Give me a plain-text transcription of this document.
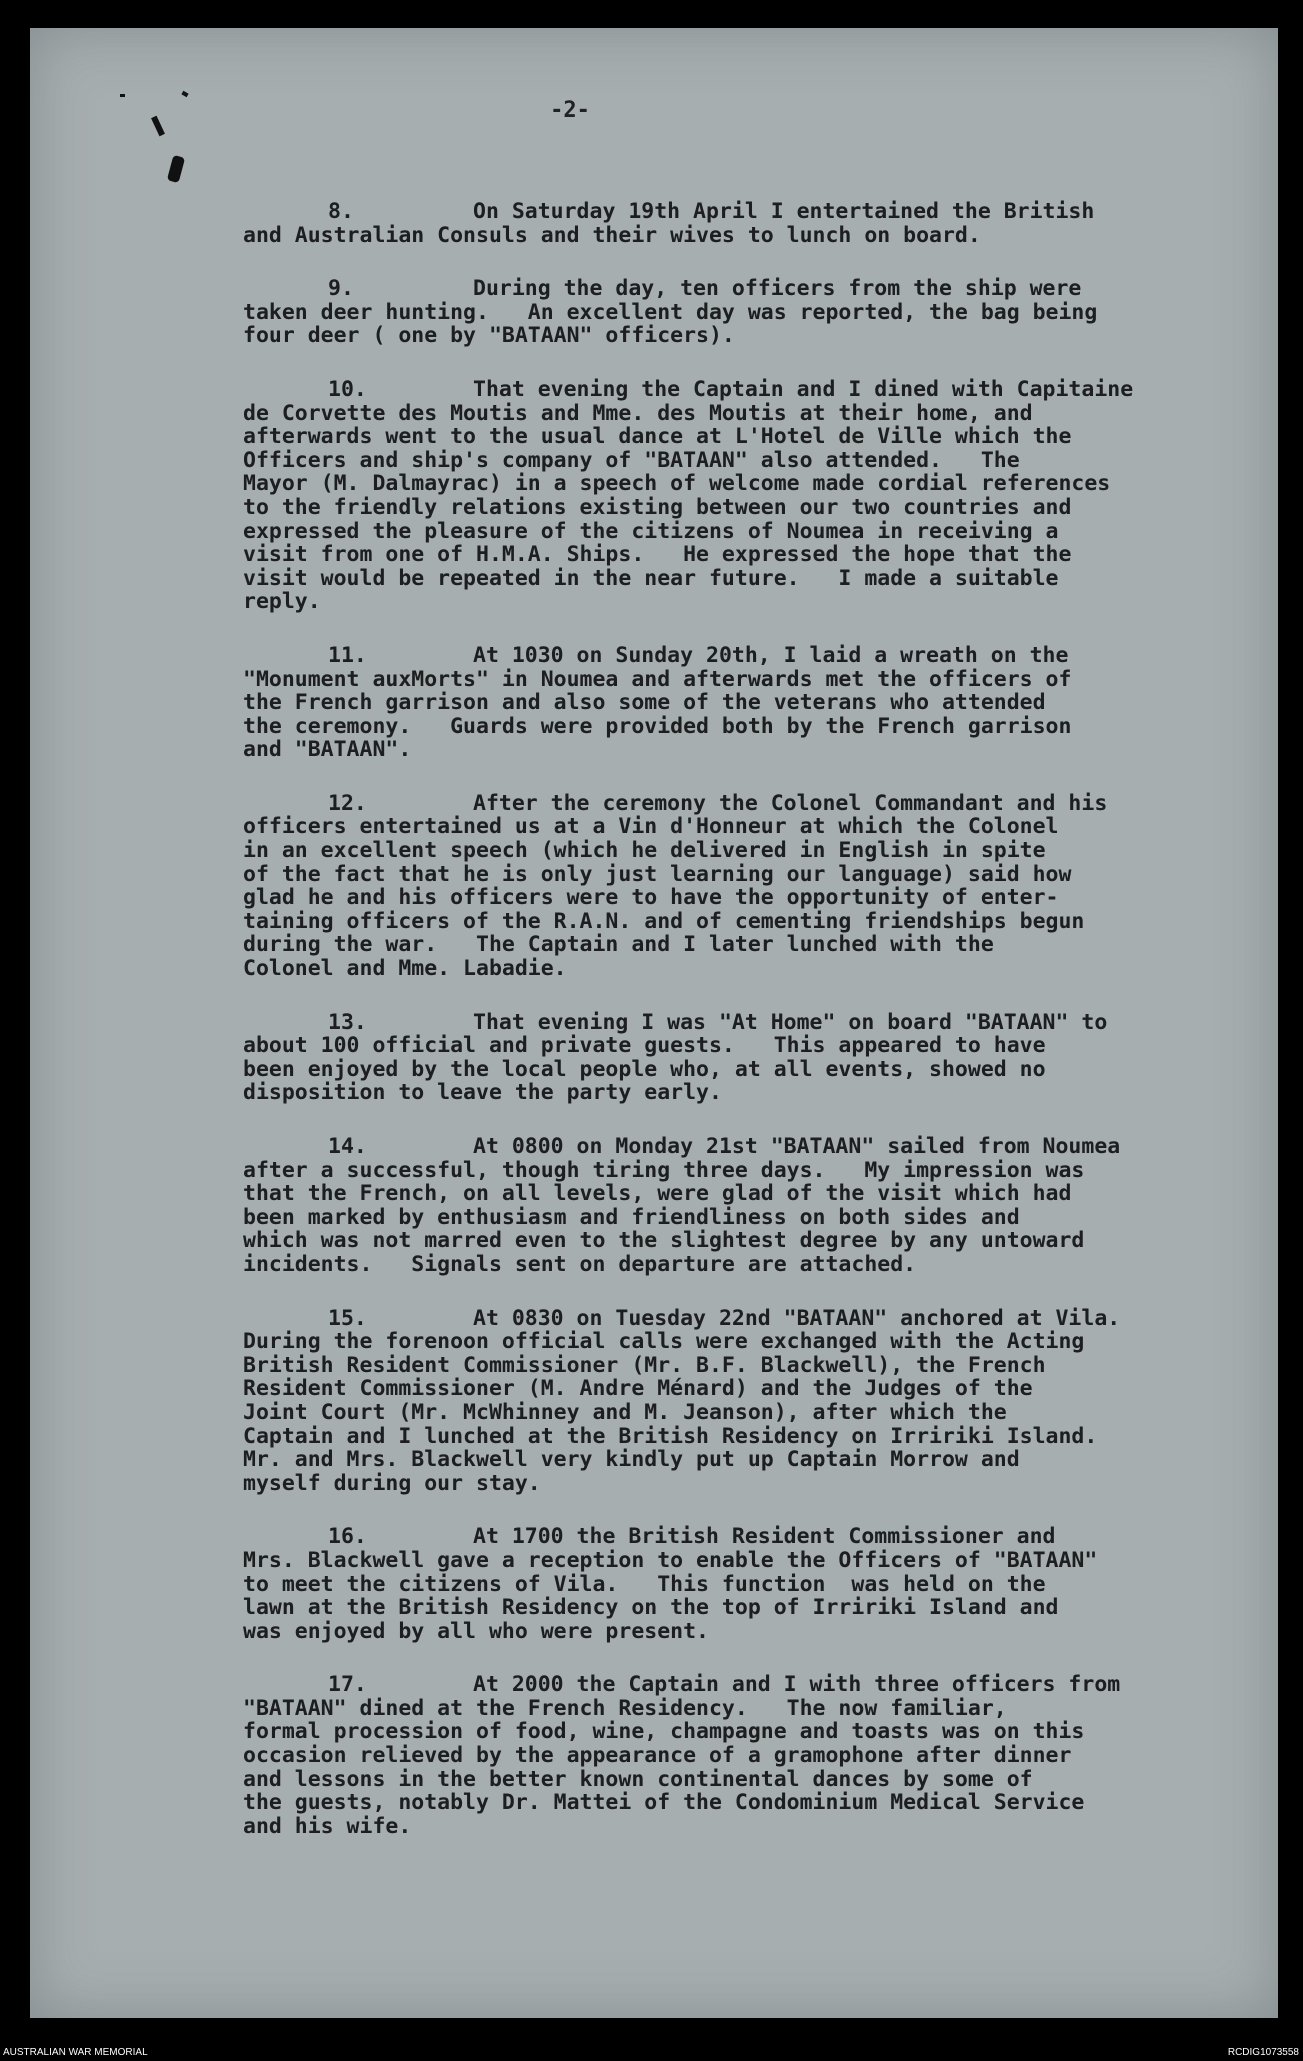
-2-
8.	On Saturday 19th April I entertained the British
and Australian Consuls and their wives to lunch on board.
9.	During the day, ten officers from the ship were
taken deer hunting.   An excellent day was reported, the bag being
four deer ( one by "BATAAN" officers).
10.	That evening the Captain and I dined with Capitaine
de Corvette des Moutis and Mme. des Moutis at their home, and
afterwards went to the usual dance at L'Hotel de Ville which the
Officers and ship's company of "BATAAN" also attended.   The
Mayor (M. Dalmayrac) in a speech of welcome made cordial references
to the friendly relations existing between our two countries and
expressed the pleasure of the citizens of Noumea in receiving a
visit from one of H.M.A. Ships.   He expressed the hope that the
visit would be repeated in the near future.   I made a suitable
reply.
11.	At 1030 on Sunday 20th, I laid a wreath on the
"Monument auxMorts" in Noumea and afterwards met the officers of
the French garrison and also some of the veterans who attended
the ceremony.   Guards were provided both by the French garrison
and "BATAAN".
12.	After the ceremony the Colonel Commandant and his
officers entertained us at a Vin d'Honneur at which the Colonel
in an excellent speech (which he delivered in English in spite
of the fact that he is only just learning our language) said how
glad he and his officers were to have the opportunity of enter-
taining officers of the R.A.N. and of cementing friendships begun
during the war.   The Captain and I later lunched with the
Colonel and Mme. Labadie.
13.	That evening I was "At Home" on board "BATAAN" to
about 100 official and private guests.   This appeared to have
been enjoyed by the local people who, at all events, showed no
disposition to leave the party early.
14.	At 0800 on Monday 21st "BATAAN" sailed from Noumea
after a successful, though tiring three days.   My impression was
that the French, on all levels, were glad of the visit which had
been marked by enthusiasm and friendliness on both sides and
which was not marred even to the slightest degree by any untoward
incidents.   Signals sent on departure are attached.
15.	At 0830 on Tuesday 22nd "BATAAN" anchored at Vila.
During the forenoon official calls were exchanged with the Acting
British Resident Commissioner (Mr. B.F. Blackwell), the French
Resident Commissioner (M. Andre Ménard) and the Judges of the
Joint Court (Mr. McWhinney and M. Jeanson), after which the
Captain and I lunched at the British Residency on Irririki Island.
Mr. and Mrs. Blackwell very kindly put up Captain Morrow and
myself during our stay.
16.	At 1700 the British Resident Commissioner and
Mrs. Blackwell gave a reception to enable the Officers of "BATAAN"
to meet the citizens of Vila.   This function  was held on the
lawn at the British Residency on the top of Irririki Island and
was enjoyed by all who were present.
17.	At 2000 the Captain and I with three officers from
"BATAAN" dined at the French Residency.   The now familiar,
formal procession of food, wine, champagne and toasts was on this
occasion relieved by the appearance of a gramophone after dinner
and lessons in the better known continental dances by some of
the guests, notably Dr. Mattei of the Condominium Medical Service
and his wife.
AUSTRALIAN WAR MEMORIAL	RCDIG1073558
